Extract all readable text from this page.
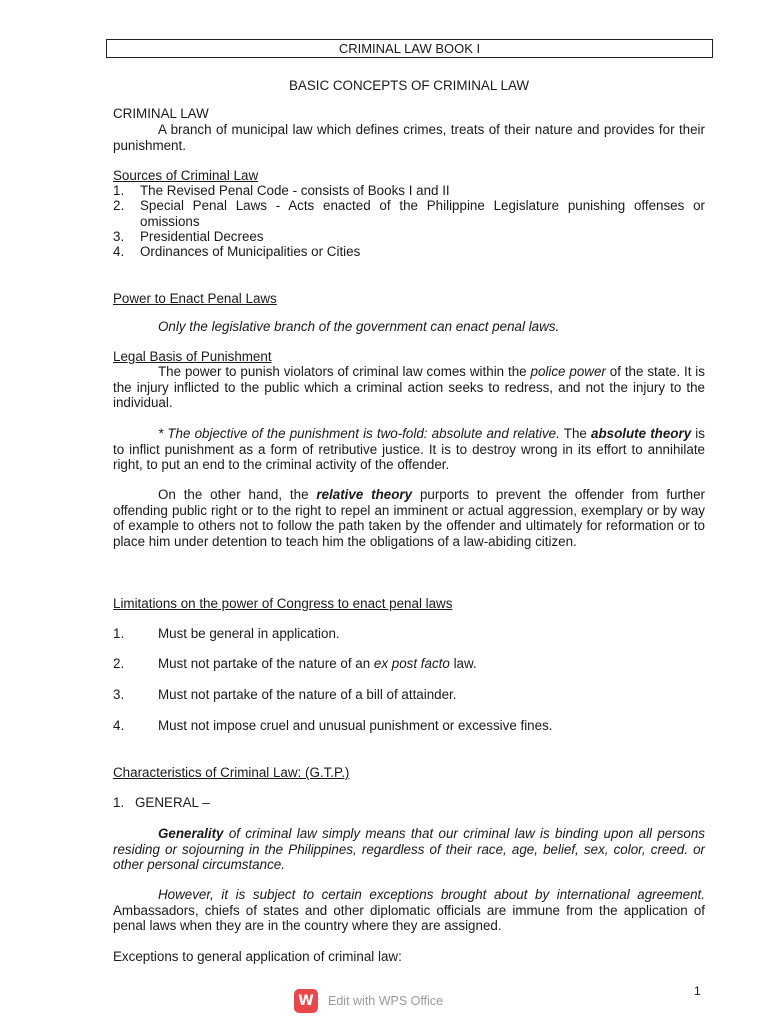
CRIMINAL LAW BOOK I
BASIC CONCEPTS OF CRIMINAL LAW
CRIMINAL LAW
A branch of municipal law which defines crimes, treats of their nature and provides for their punishment.
Sources of Criminal Law
1. The Revised Penal Code - consists of Books I and II
2. Special Penal Laws - Acts enacted of the Philippine Legislature punishing offenses or omissions
3. Presidential Decrees
4. Ordinances of Municipalities or Cities
Power to Enact Penal Laws
Only the legislative branch of the government can enact penal laws.
Legal Basis of Punishment
The power to punish violators of criminal law comes within the police power of the state. It is the injury inflicted to the public which a criminal action seeks to redress, and not the injury to the individual.
* The objective of the punishment is two-fold: absolute and relative. The absolute theory is to inflict punishment as a form of retributive justice. It is to destroy wrong in its effort to annihilate right, to put an end to the criminal activity of the offender.
On the other hand, the relative theory purports to prevent the offender from further offending public right or to the right to repel an imminent or actual aggression, exemplary or by way of example to others not to follow the path taken by the offender and ultimately for reformation or to place him under detention to teach him the obligations of a law-abiding citizen.
Limitations on the power of Congress to enact penal laws
1.	Must be general in application.
2.	Must not partake of the nature of an ex post facto law.
3.	Must not partake of the nature of a bill of attainder.
4.	Must not impose cruel and unusual punishment or excessive fines.
Characteristics of Criminal Law: (G.T.P.)
1. GENERAL –
Generality of criminal law simply means that our criminal law is binding upon all persons residing or sojourning in the Philippines, regardless of their race, age, belief, sex, color, creed. or other personal circumstance.
However, it is subject to certain exceptions brought about by international agreement. Ambassadors, chiefs of states and other diplomatic officials are immune from the application of penal laws when they are in the country where they are assigned.
Exceptions to general application of criminal law:
W	Edit with WPS Office
1
